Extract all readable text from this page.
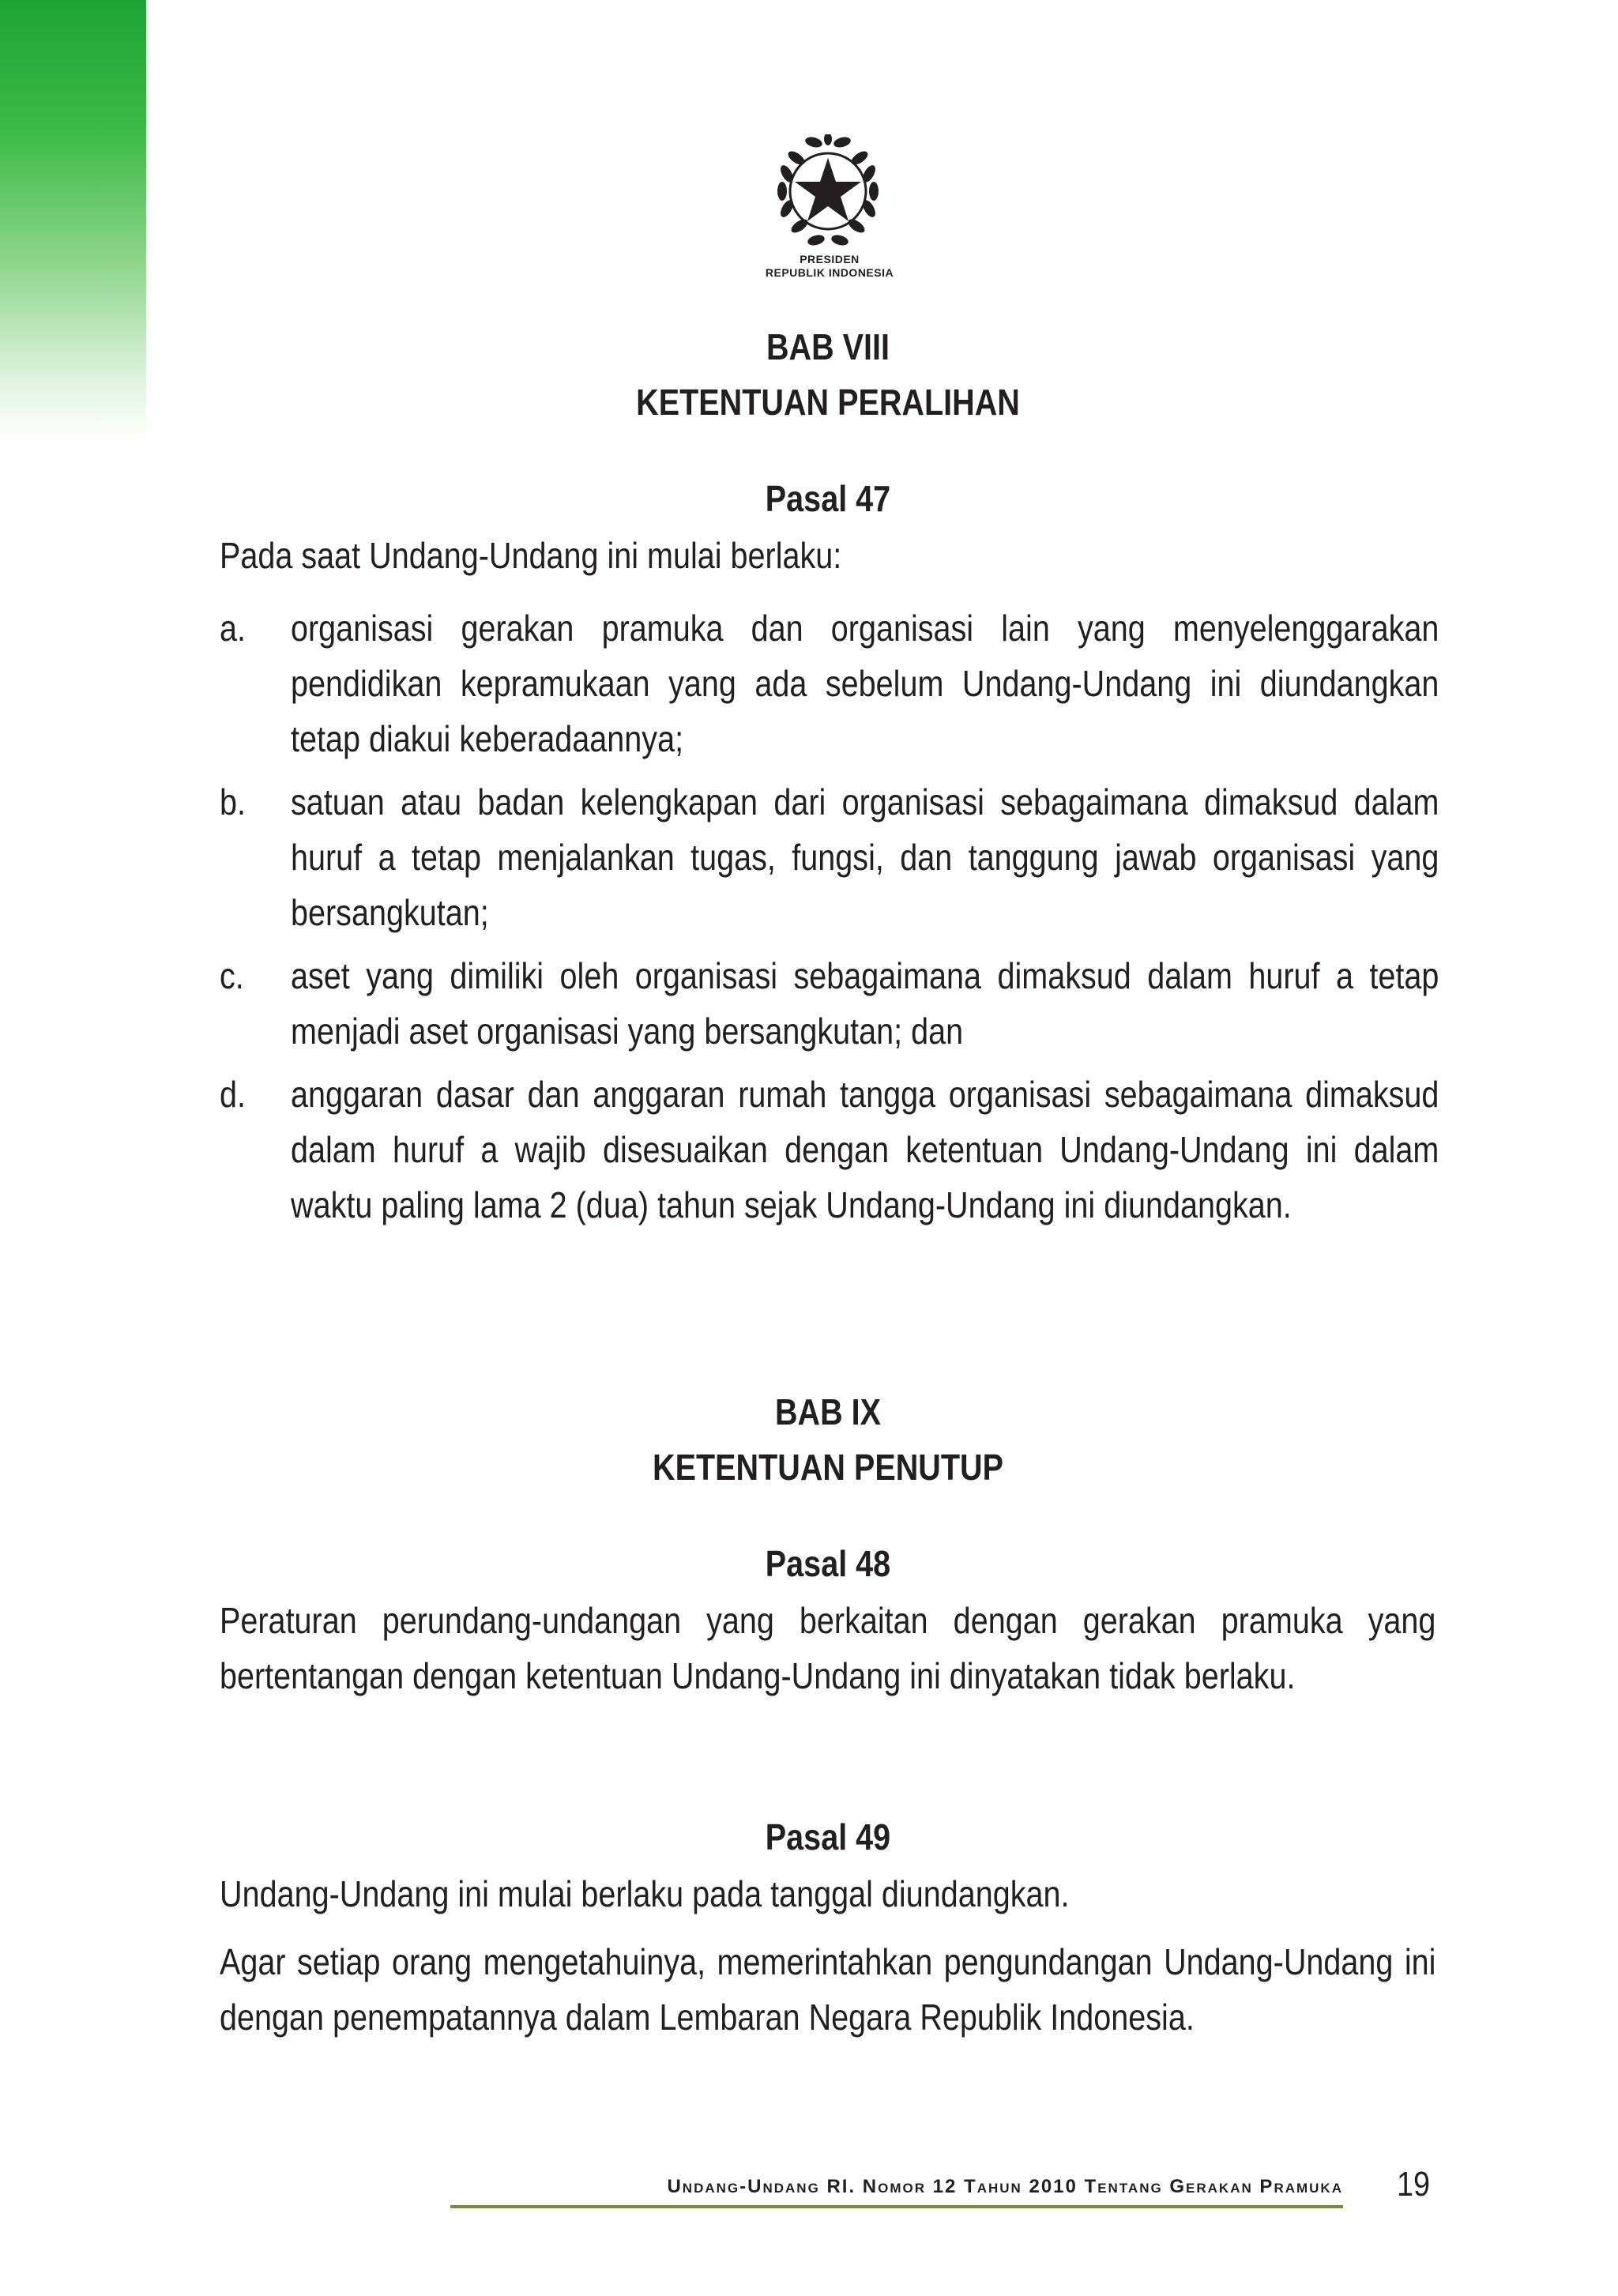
PRESIDEN
REPUBLIK INDONESIA
BAB VIII
KETENTUAN PERALIHAN
Pasal 47
Pada saat Undang-Undang ini mulai berlaku:
a. organisasi gerakan pramuka dan organisasi lain yang menyelenggarakan pendidikan kepramukaan yang ada sebelum Undang-Undang ini diundangkan tetap diakui keberadaannya;
b. satuan atau badan kelengkapan dari organisasi sebagaimana dimaksud dalam huruf a tetap menjalankan tugas, fungsi, dan tanggung jawab organisasi yang bersangkutan;
c. aset yang dimiliki oleh organisasi sebagaimana dimaksud dalam huruf a tetap menjadi aset organisasi yang bersangkutan; dan
d. anggaran dasar dan anggaran rumah tangga organisasi sebagaimana dimaksud dalam huruf a wajib disesuaikan dengan ketentuan Undang-Undang ini dalam waktu paling lama 2 (dua) tahun sejak Undang-Undang ini diundangkan.
BAB IX
KETENTUAN PENUTUP
Pasal 48
Peraturan perundang-undangan yang berkaitan dengan gerakan pramuka yang bertentangan dengan ketentuan Undang-Undang ini dinyatakan tidak berlaku.
Pasal 49
Undang-Undang ini mulai berlaku pada tanggal diundangkan.
Agar setiap orang mengetahuinya, memerintahkan pengundangan Undang-Undang ini dengan penempatannya dalam Lembaran Negara Republik Indonesia.
Undang-Undang RI. Nomor 12 Tahun 2010 Tentang Gerakan Pramuka 19
